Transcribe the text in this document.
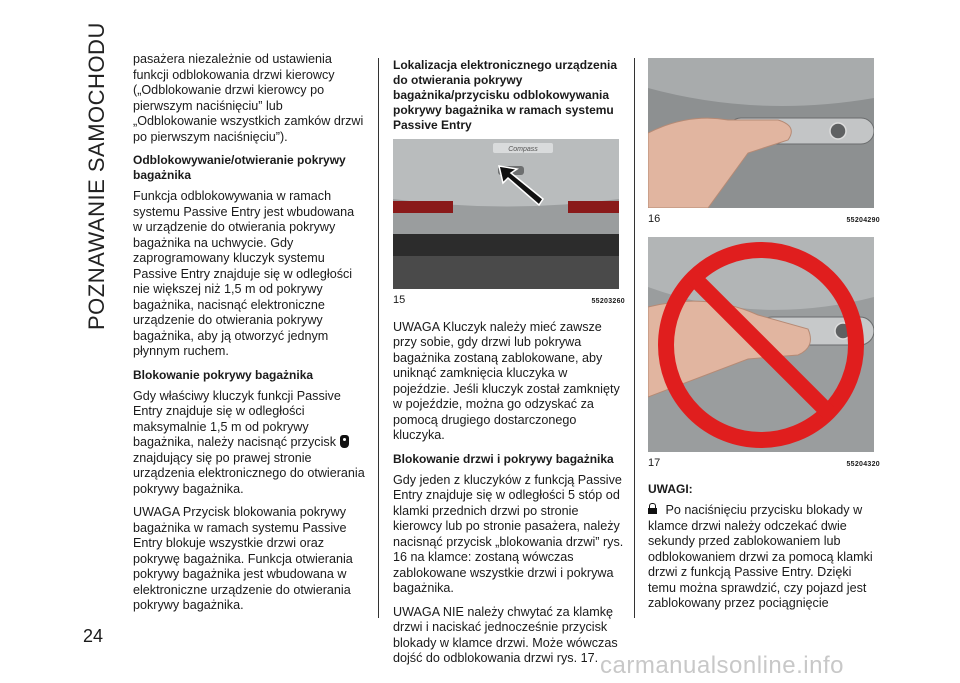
POZNAWANIE SAMOCHODU	pasażera niezależnie od ustawienia funkcji odblokowania drzwi kierowcy („Odblokowanie drzwi kierowcy po pierwszym naciśnięciu” lub „Odblokowanie wszystkich zamków drzwi po pierwszym naciśnięciu”).

Odblokowywanie/otwieranie pokrywy bagażnika

Funkcja odblokowywania w ramach systemu Passive Entry jest wbudowana w urządzenie do otwierania pokrywy bagażnika na uchwycie. Gdy zaprogramowany kluczyk systemu Passive Entry znajduje się w odległości nie większej niż 1,5 m od pokrywy bagażnika, nacisnąć elektroniczne urządzenie do otwierania pokrywy bagażnika, aby ją otworzyć jednym płynnym ruchem.

Blokowanie pokrywy bagażnika

Gdy właściwy kluczyk funkcji Passive Entry znajduje się w odległości maksymalnie 1,5 m od pokrywy bagażnika, należy nacisnąć przycisk  znajdujący się po prawej stronie urządzenia elektronicznego do otwierania pokrywy bagażnika.

UWAGA Przycisk blokowania pokrywy bagażnika w ramach systemu Passive Entry blokuje wszystkie drzwi oraz pokrywę bagażnika. Funkcja otwierania pokrywy bagażnika jest wbudowana w elektroniczne urządzenie do otwierania pokrywy bagażnika.

Lokalizacja elektronicznego urządzenia do otwierania pokrywy bagażnika/przycisku odblokowywania pokrywy bagażnika w ramach systemu Passive Entry
Compass
15	55203260

UWAGA Kluczyk należy mieć zawsze przy sobie, gdy drzwi lub pokrywa bagażnika zostaną zablokowane, aby uniknąć zamknięcia kluczyka w pojeździe. Jeśli kluczyk został zamknięty w pojeździe, można go odzyskać za pomocą drugiego dostarczonego kluczyka.

Blokowanie drzwi i pokrywy bagażnika

Gdy jeden z kluczyków z funkcją Passive Entry znajduje się w odległości 5 stóp od klamki przednich drzwi po stronie kierowcy lub po stronie pasażera, należy nacisnąć przycisk „blokowania drzwi” rys. 16 na klamce: zostaną wówczas zablokowane wszystkie drzwi i pokrywa bagażnika.

UWAGA NIE należy chwytać za klamkę drzwi i naciskać jednocześnie przycisk blokady w klamce drzwi. Może wówczas dojść do odblokowania drzwi rys. 17.

16	55204290
17	55204320
UWAGI:

Po naciśnięciu przycisku blokady w klamce drzwi należy odczekać dwie sekundy przed zablokowaniem lub odblokowaniem drzwi za pomocą klamki drzwi z funkcją Passive Entry. Dzięki temu można sprawdzić, czy pojazd jest zablokowany przez pociągnięcie

24
carmanualsonline.info
